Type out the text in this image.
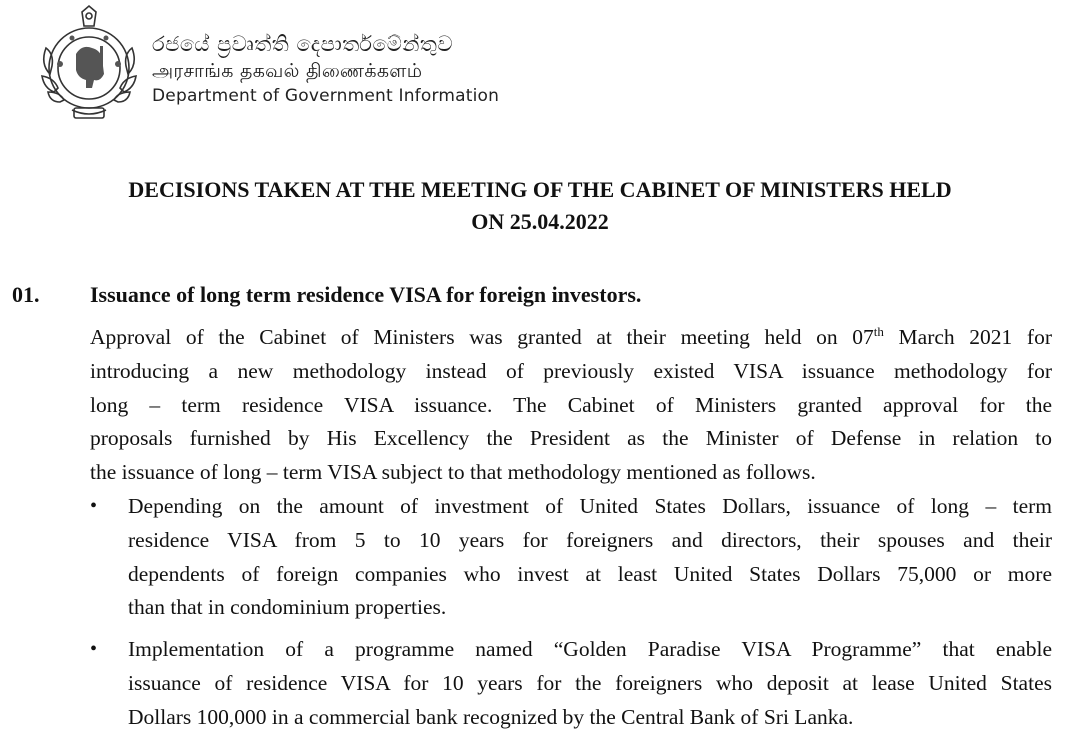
රජයේ ප්‍රවෘත්ති දෙපාර්තමේන්තුව
அரசாங்க தகவல் திணைக்களம்
Department of Government Information
DECISIONS TAKEN AT THE MEETING OF THE CABINET OF MINISTERS HELD
ON 25.04.2022
01. Issuance of long term residence VISA for foreign investors.
Approval of the Cabinet of Ministers was granted at their meeting held on 07th March 2021 for
introducing a new methodology instead of previously existed VISA issuance methodology for
long – term residence VISA issuance. The Cabinet of Ministers granted approval for the
proposals furnished by His Excellency the President as the Minister of Defense in relation to
the issuance of long – term VISA subject to that methodology mentioned as follows.
• Depending on the amount of investment of United States Dollars, issuance of long – term
residence VISA from 5 to 10 years for foreigners and directors, their spouses and their
dependents of foreign companies who invest at least United States Dollars 75,000 or more
than that in condominium properties.
• Implementation of a programme named “Golden Paradise VISA Programme” that enable
issuance of residence VISA for 10 years for the foreigners who deposit at lease United States
Dollars 100,000 in a commercial bank recognized by the Central Bank of Sri Lanka.
